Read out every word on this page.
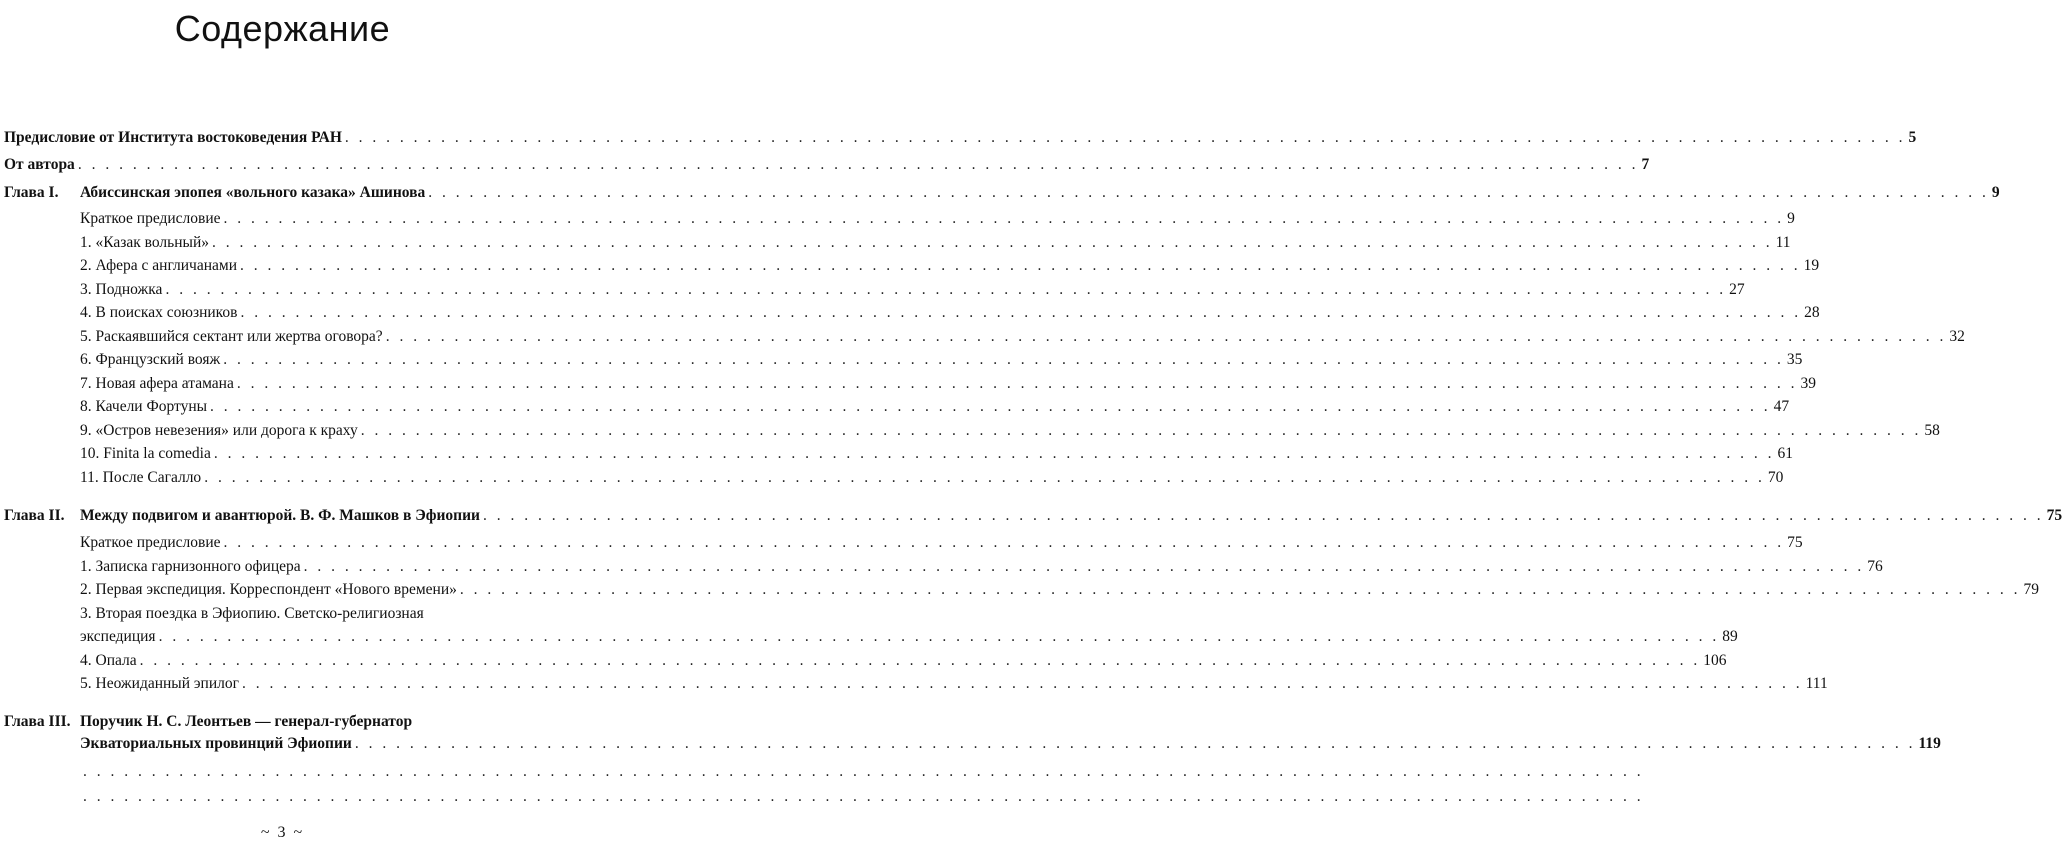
Содержание
Предисловие от Института востоковедения РАН . . .	5
От автора . . .	7
Глава I.	Абиссинская эпопея «вольного казака» Ашинова . . .	9
Краткое предисловие . . .	9
1. «Казак вольный» . . .	11
2. Афера с англичанами . . .	19
3. Подножка . . .	27
4. В поисках союзников . . .	28
5. Раскаявшийся сектант или жертва оговора? . . .	32
6. Французский вояж . . .	35
7. Новая афера атамана . . .	39
8. Качели Фортуны . . .	47
9. «Остров невезения» или дорога к краху . . .	58
10. Finita la comedia . . .	61
11. После Сагалло . . .	70
Глава II.	Между подвигом и авантюрой. В. Ф. Машков в Эфиопии . . .	75
Краткое предисловие . . .	75
1. Записка гарнизонного офицера . . .	76
2. Первая экспедиция. Корреспондент «Нового времени» . . .	79
3. Вторая поездка в Эфиопию. Светско-религиозная
экспедиция . . .	89
4. Опала . . .	106
5. Неожиданный эпилог . . .	111
Глава III. Поручик Н. С. Леонтьев — генерал-губернатор
Экваториальных провинций Эфиопии . . .	119
~ 3 ~
. . .
. . .
